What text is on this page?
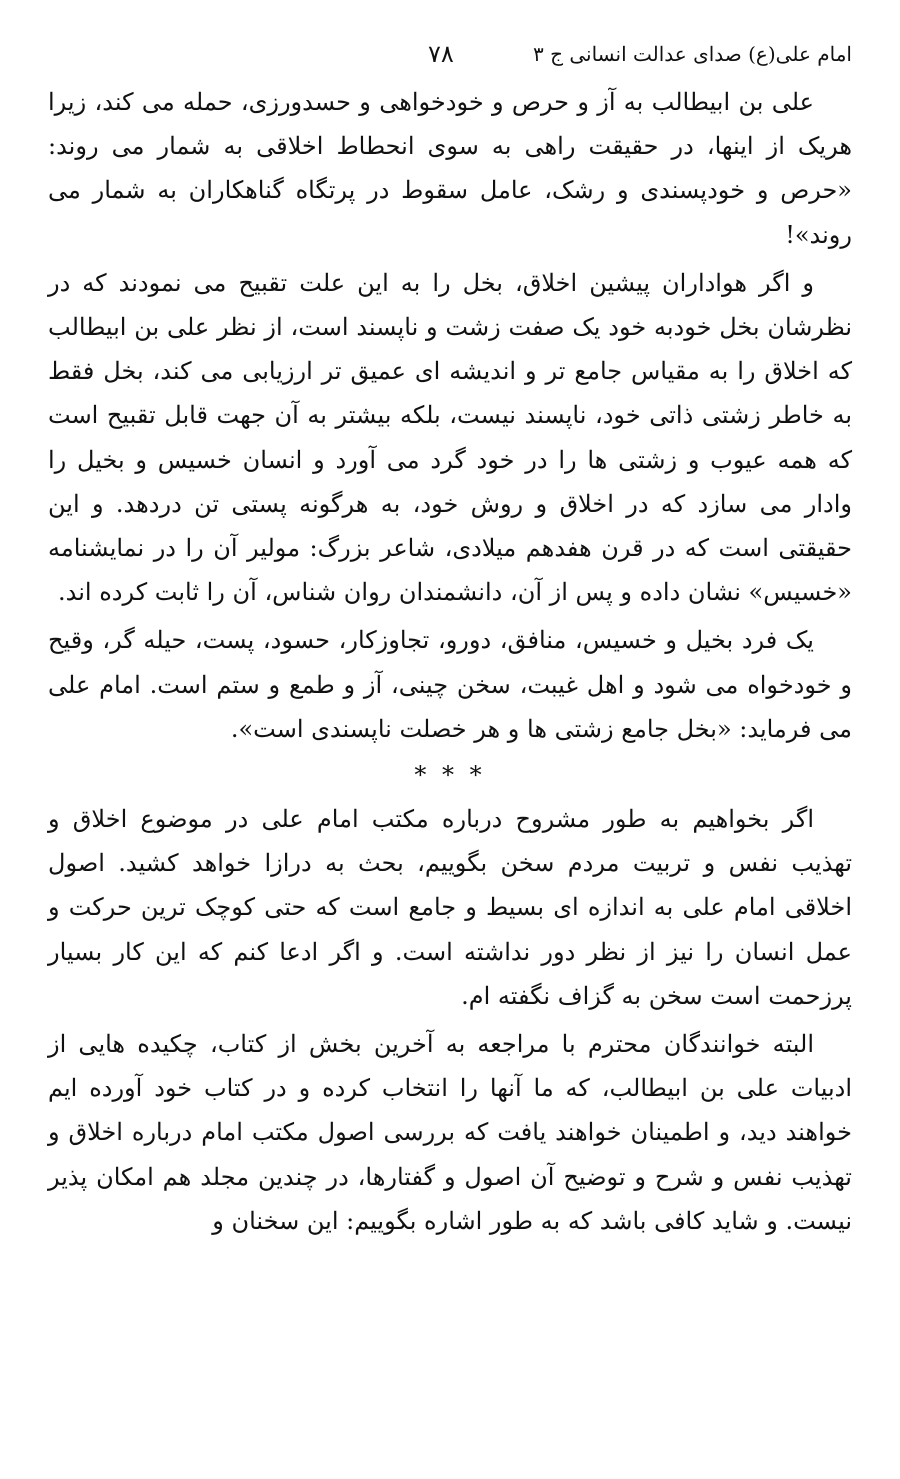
امام علی(ع) صدای عدالت انسانی ج ۳
۷۸

علی بن ابیطالب به آز و حرص و خودخواهی و حسدورزی، حمله می کند، زیرا هریک از اینها، در حقیقت راهی به سوی انحطاط اخلاقی به شمار می روند: «حرص و خودپسندی و رشک، عامل سقوط در پرتگاه گناهکاران به شمار می روند»!

و اگر هواداران پیشین اخلاق، بخل را به این علت تقبیح می نمودند که در نظرشان بخل خودبه خود یک صفت زشت و ناپسند است، از نظر علی بن ابیطالب که اخلاق را به مقیاس جامع تر و اندیشه ای عمیق تر ارزیابی می کند، بخل فقط به خاطر زشتی ذاتی خود، ناپسند نیست، بلکه بیشتر به آن جهت قابل تقبیح است که همه عیوب و زشتی ها را در خود گرد می آورد و انسان خسیس و بخیل را وادار می سازد که در اخلاق و روش خود، به هرگونه پستی تن دردهد. و این حقیقتی است که در قرن هفدهم میلادی، شاعر بزرگ: مولیر آن را در نمایشنامه «خسیس» نشان داده و پس از آن، دانشمندان روان شناس، آن را ثابت کرده اند.

یک فرد بخیل و خسیس، منافق، دورو، تجاوزکار، حسود، پست، حیله گر، وقیح و خودخواه می شود و اهل غیبت، سخن چینی، آز و طمع و ستم است. امام علی می فرماید: «بخل جامع زشتی ها و هر خصلت ناپسندی است».

* * *

اگر بخواهیم به طور مشروح درباره مکتب امام علی در موضوع اخلاق و تهذیب نفس و تربیت مردم سخن بگوییم، بحث به درازا خواهد کشید. اصول اخلاقی امام علی به اندازه ای بسیط و جامع است که حتی کوچک ترین حرکت و عمل انسان را نیز از نظر دور نداشته است. و اگر ادعا کنم که این کار بسیار پرزحمت است سخن به گزاف نگفته ام.

البته خوانندگان محترم با مراجعه به آخرین بخش از کتاب، چکیده هایی از ادبیات علی بن ابیطالب، که ما آنها را انتخاب کرده و در کتاب خود آورده ایم خواهند دید، و اطمینان خواهند یافت که بررسی اصول مکتب امام درباره اخلاق و تهذیب نفس و شرح و توضیح آن اصول و گفتارها، در چندین مجلد هم امکان پذیر نیست. و شاید کافی باشد که به طور اشاره بگوییم: این سخنان و
